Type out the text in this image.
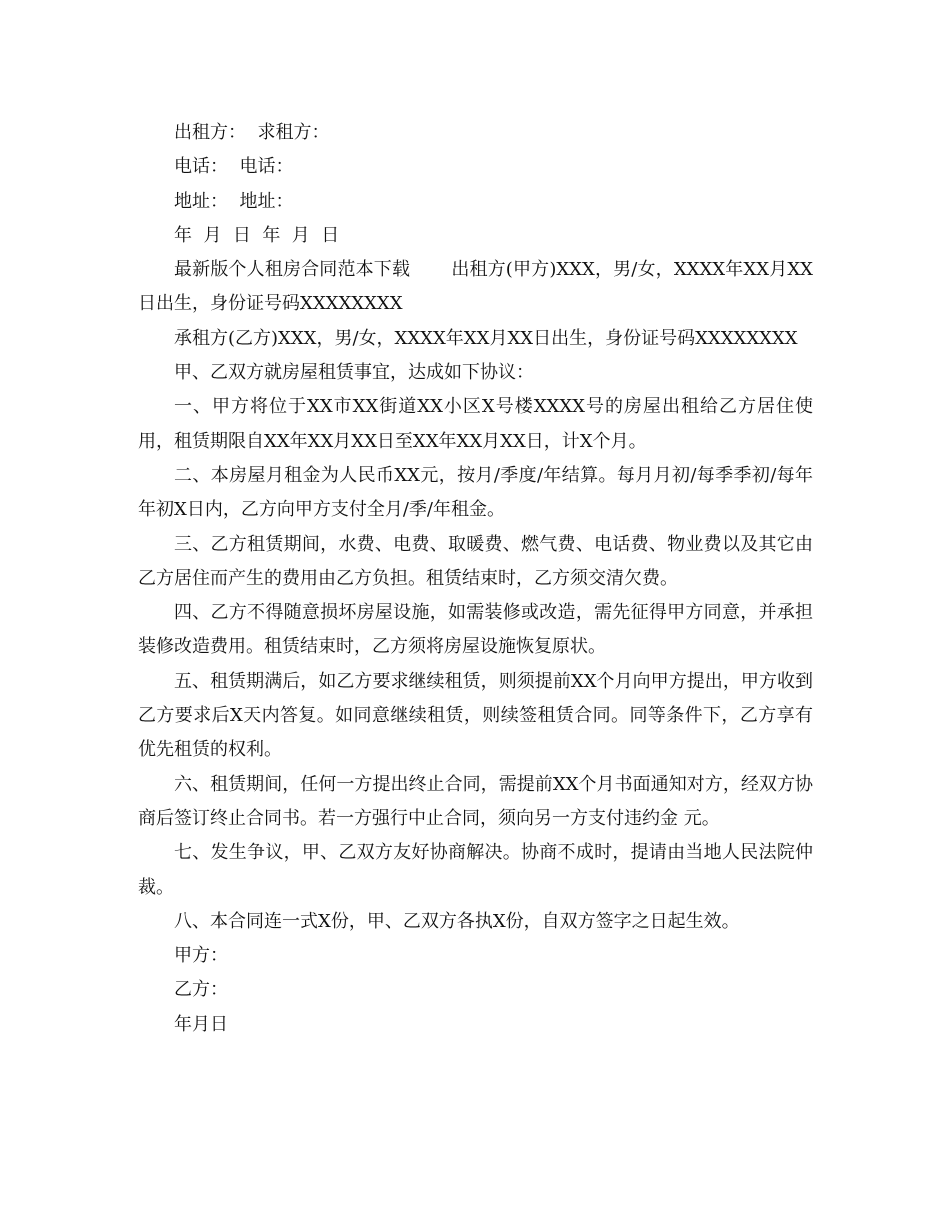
出租方：  求租方：

电话：  电话：

地址：  地址：

年  月  日  年  月  日

最新版个人租房合同范本下载       出租方(甲方)XXX，男/女，XXXX年XX月XX日出生，身份证号码XXXXXXXX

承租方(乙方)XXX，男/女，XXXX年XX月XX日出生，身份证号码XXXXXXXX

甲、乙双方就房屋租赁事宜，达成如下协议：

一、甲方将位于XX市XX街道XX小区X号楼XXXX号的房屋出租给乙方居住使用，租赁期限自XX年XX月XX日至XX年XX月XX日，计X个月。

二、本房屋月租金为人民币XX元，按月/季度/年结算。每月月初/每季季初/每年年初X日内，乙方向甲方支付全月/季/年租金。

三、乙方租赁期间，水费、电费、取暖费、燃气费、电话费、物业费以及其它由乙方居住而产生的费用由乙方负担。租赁结束时，乙方须交清欠费。

四、乙方不得随意损坏房屋设施，如需装修或改造，需先征得甲方同意，并承担装修改造费用。租赁结束时，乙方须将房屋设施恢复原状。

五、租赁期满后，如乙方要求继续租赁，则须提前XX个月向甲方提出，甲方收到乙方要求后X天内答复。如同意继续租赁，则续签租赁合同。同等条件下，乙方享有优先租赁的权利。

六、租赁期间，任何一方提出终止合同，需提前XX个月书面通知对方，经双方协商后签订终止合同书。若一方强行中止合同，须向另一方支付违约金 元。

七、发生争议，甲、乙双方友好协商解决。协商不成时，提请由当地人民法院仲裁。

八、本合同连一式X份，甲、乙双方各执X份，自双方签字之日起生效。

甲方：

乙方：

年月日
